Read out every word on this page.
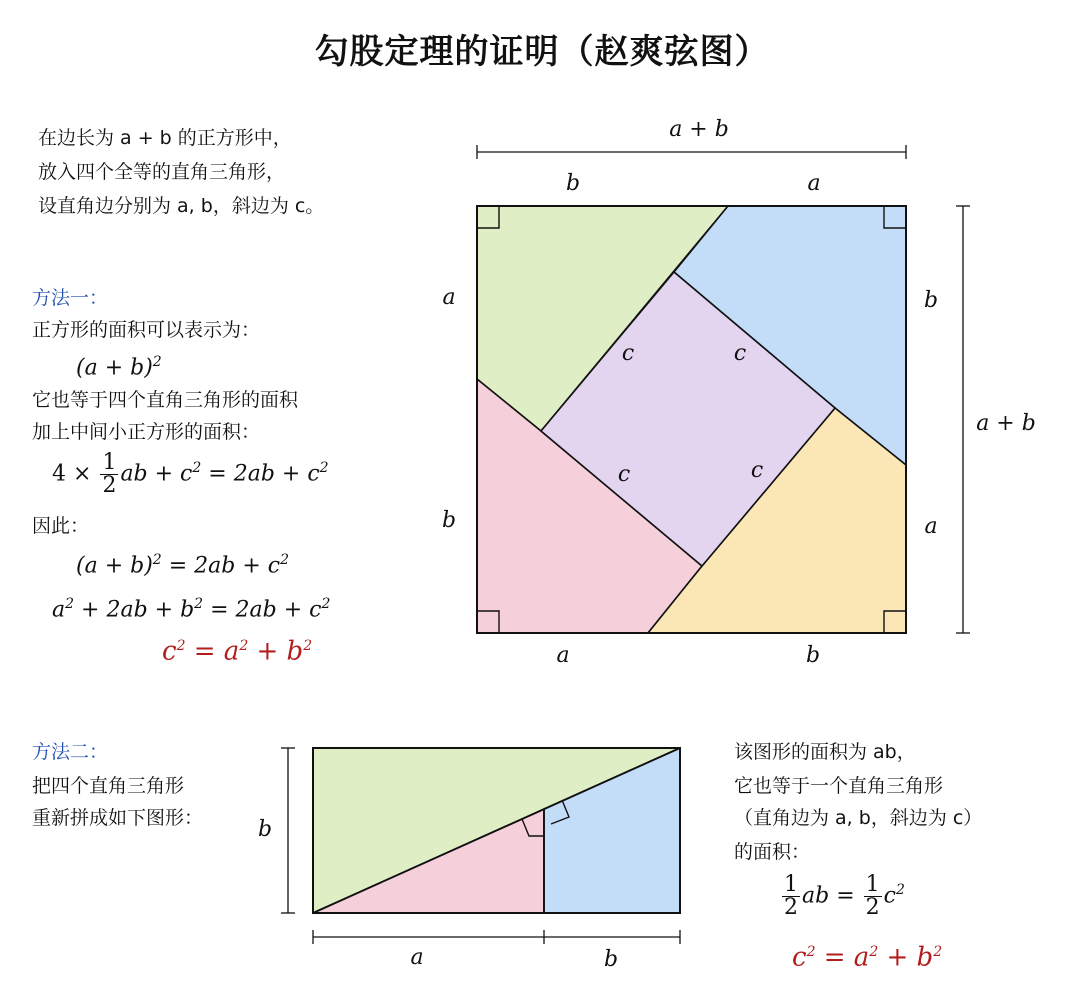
勾股定理的证明（赵爽弦图）
在边长为 a + b 的正方形中，
放入四个全等的直角三角形，
设直角边分别为 a, b，斜边为 c。
方法一：
正方形的面积可以表示为：
$(a + b)^2$
它也等于四个直角三角形的面积
加上中间小正方形的面积：
$4 \times \frac{1}{2}$ ab + $c^2 = 2ab + c^2$
因此：
$(a + b)^2 = 2ab + c^2$
$a^2 + 2ab + b^2 = 2ab + c^2$
$c^2 = a^2 + b^2$
方法二：
把四个直角三角形
重新拼成如下图形：
该图形的面积为 ab，
它也等于一个直角三角形
（直角边为 a, b，斜边为 c）
的面积：
$\frac{1}{2}$ ab = $\frac{1}{2} c^2$
$c^2 = a^2 + b^2$
a + b
a + b
b	a
a	b
a
b
b
a
c	c
c	c
b
a	b
